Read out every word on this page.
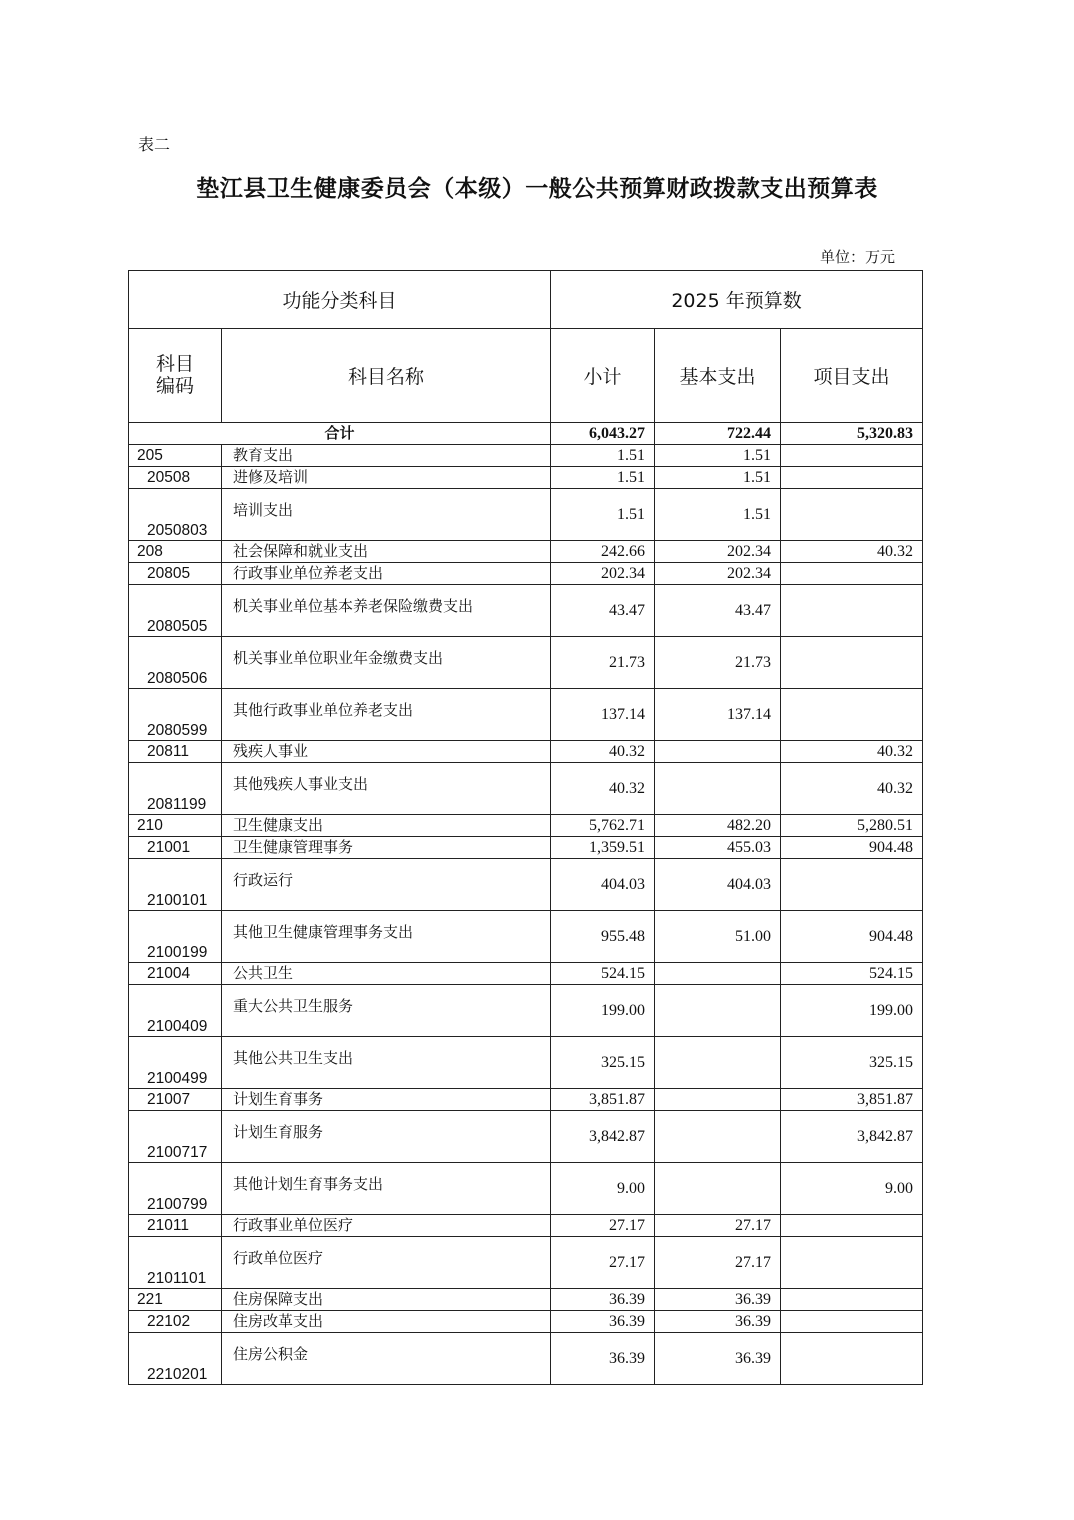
表二
垫江县卫生健康委员会（本级）一般公共预算财政拨款支出预算表
单位：万元
功能分类科目		2025 年预算数		
科目编码	科目名称	小计	基本支出	项目支出
合计		6,043.27	722.44	5,320.83
205	教育支出	1.51	1.51	
20508	进修及培训	1.51	1.51	
2050803	培训支出	1.51	1.51	
208	社会保障和就业支出	242.66	202.34	40.32
20805	行政事业单位养老支出	202.34	202.34	
2080505	机关事业单位基本养老保险缴费支出	43.47	43.47	
2080506	机关事业单位职业年金缴费支出	21.73	21.73	
2080599	其他行政事业单位养老支出	137.14	137.14	
20811	残疾人事业	40.32		40.32
2081199	其他残疾人事业支出	40.32		40.32
210	卫生健康支出	5,762.71	482.20	5,280.51
21001	卫生健康管理事务	1,359.51	455.03	904.48
2100101	行政运行	404.03	404.03	
2100199	其他卫生健康管理事务支出	955.48	51.00	904.48
21004	公共卫生	524.15		524.15
2100409	重大公共卫生服务	199.00		199.00
2100499	其他公共卫生支出	325.15		325.15
21007	计划生育事务	3,851.87		3,851.87
2100717	计划生育服务	3,842.87		3,842.87
2100799	其他计划生育事务支出	9.00		9.00
21011	行政事业单位医疗	27.17	27.17	
2101101	行政单位医疗	27.17	27.17	
221	住房保障支出	36.39	36.39	
22102	住房改革支出	36.39	36.39	
2210201	住房公积金	36.39	36.39	
